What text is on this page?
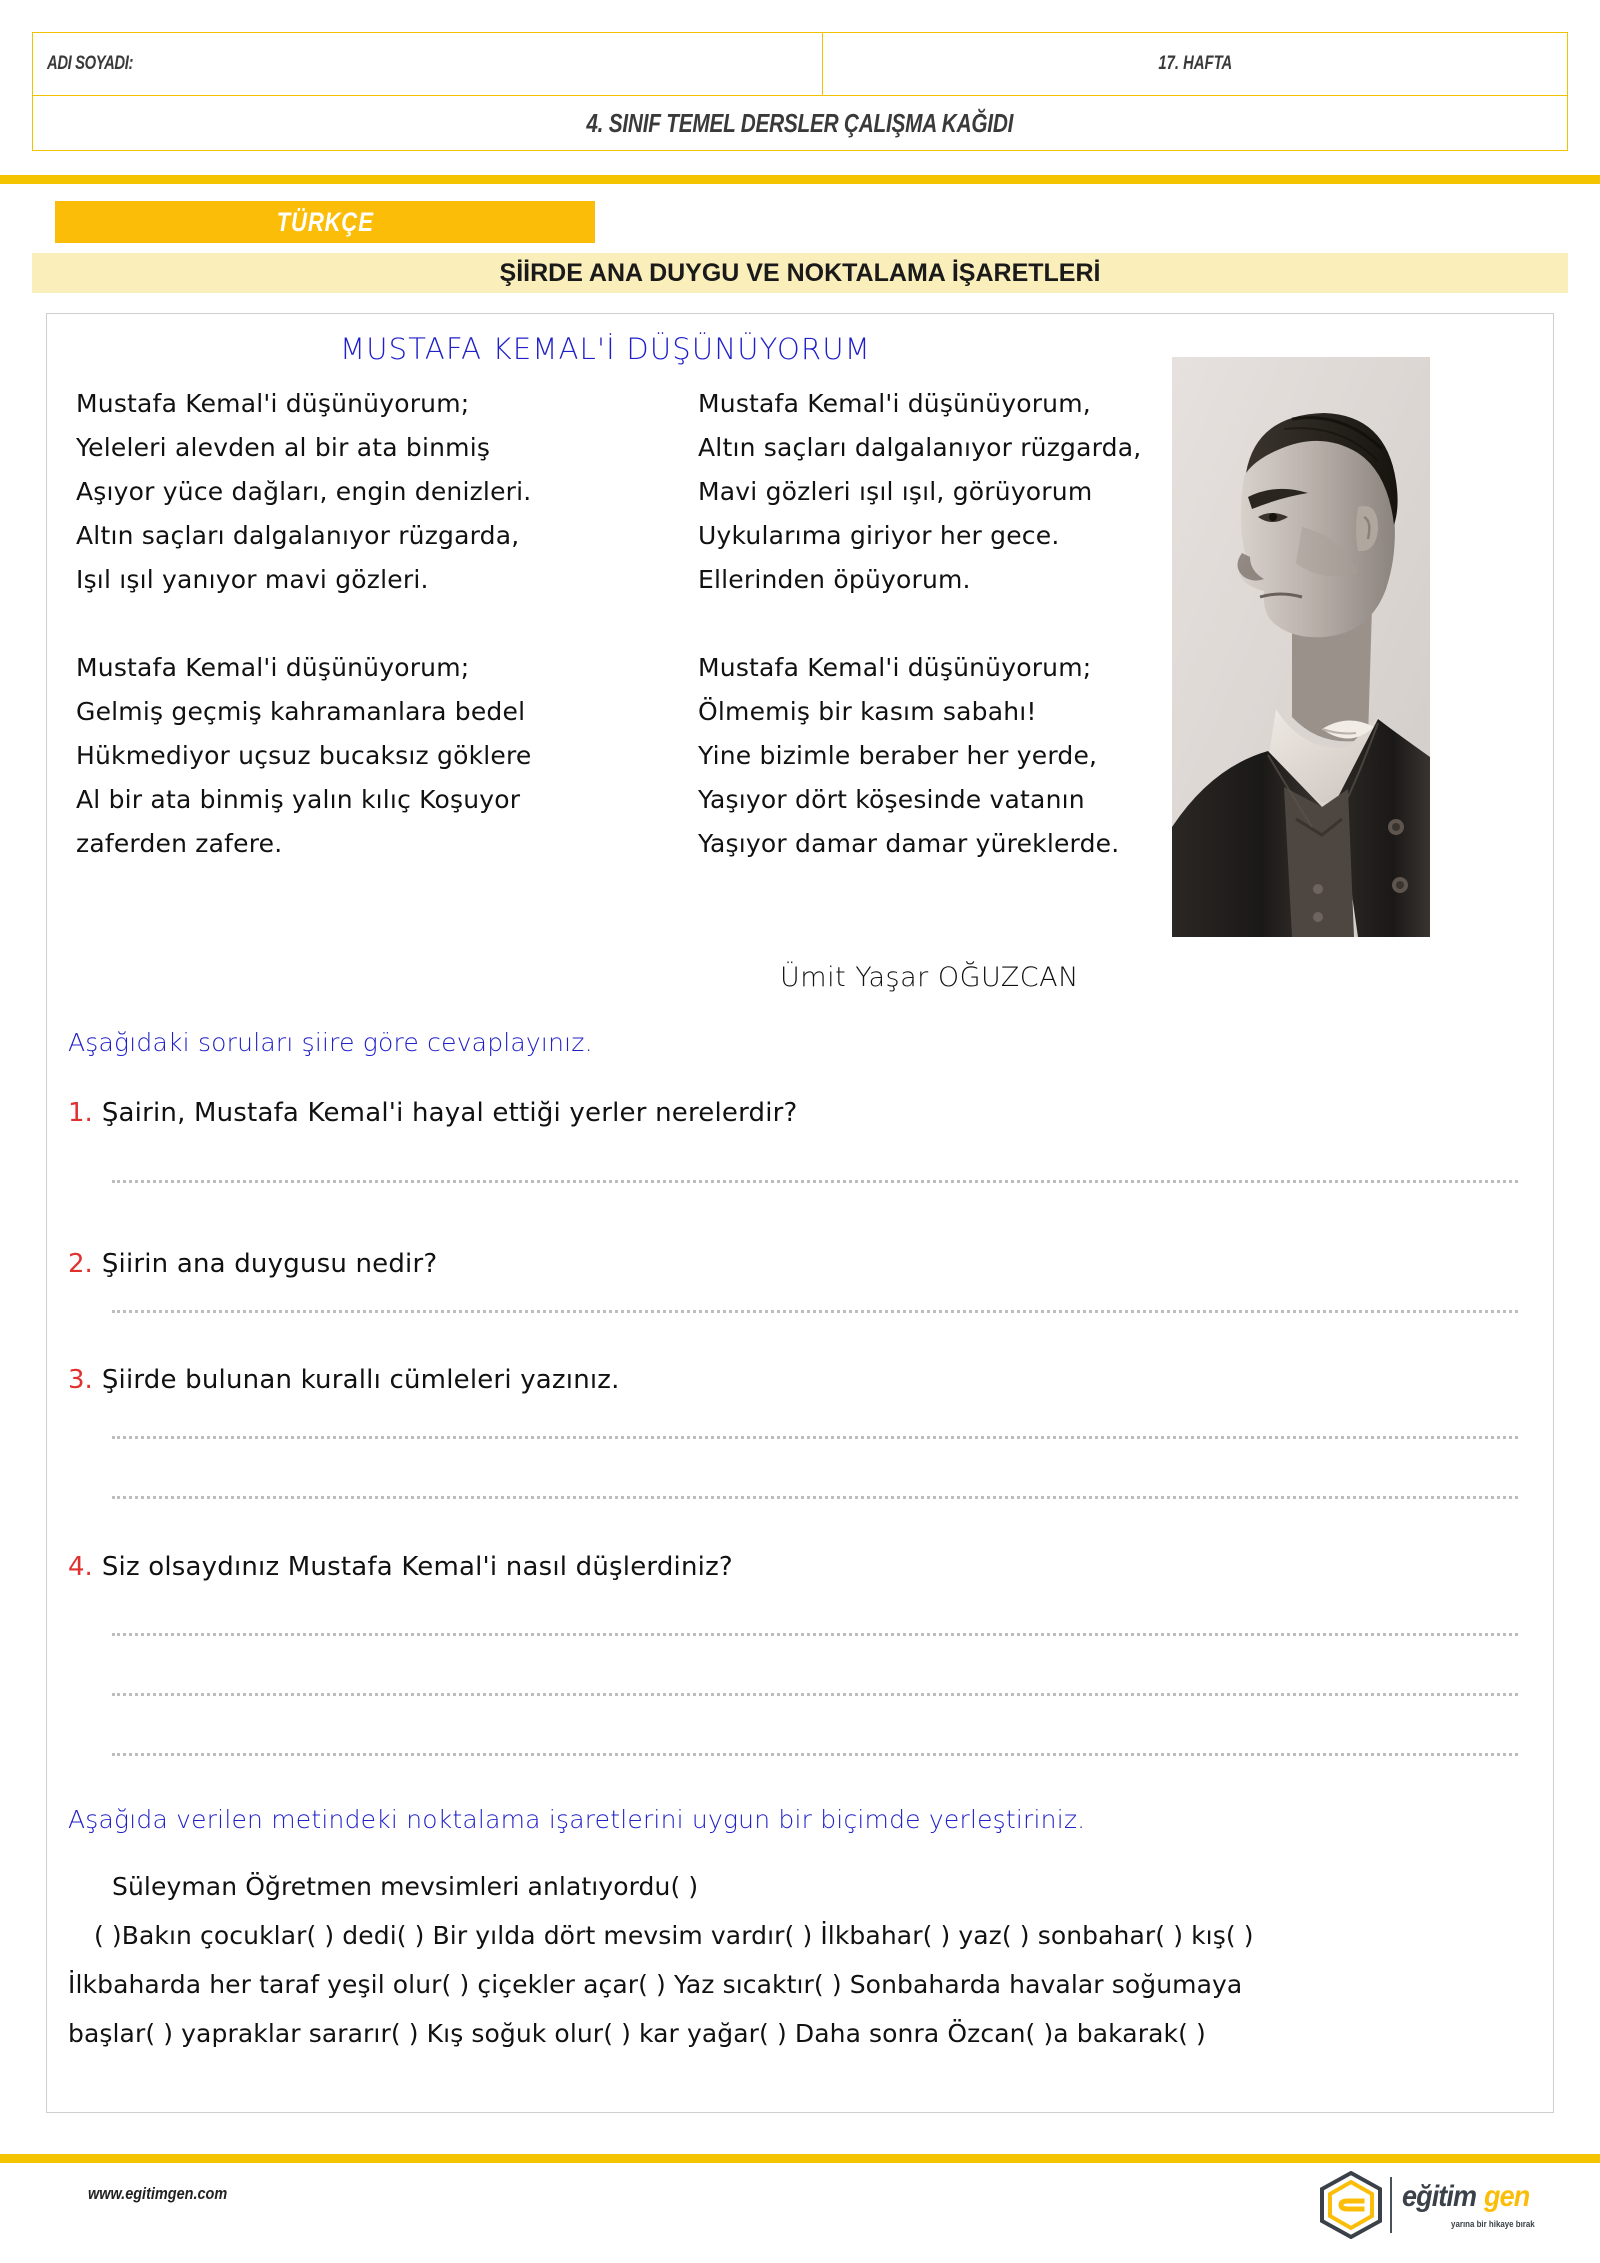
ADI SOYADI:	17. HAFTA
4. SINIF TEMEL DERSLER ÇALIŞMA KAĞIDI
TÜRKÇE
ŞİİRDE ANA DUYGU VE NOKTALAMA İŞARETLERİ
MUSTAFA KEMAL'İ DÜŞÜNÜYORUM
Mustafa Kemal'i düşünüyorum;
Yeleleri alevden al bir ata binmiş
Aşıyor yüce dağları, engin denizleri.
Altın saçları dalgalanıyor rüzgarda,
Işıl ışıl yanıyor mavi gözleri.
Mustafa Kemal'i düşünüyorum;
Gelmiş geçmiş kahramanlara bedel
Hükmediyor uçsuz bucaksız göklere
Al bir ata binmiş yalın kılıç Koşuyor
zaferden zafere.
Mustafa Kemal'i düşünüyorum,
Altın saçları dalgalanıyor rüzgarda,
Mavi gözleri ışıl ışıl, görüyorum
Uykularıma giriyor her gece.
Ellerinden öpüyorum.
Mustafa Kemal'i düşünüyorum;
Ölmemiş bir kasım sabahı!
Yine bizimle beraber her yerde,
Yaşıyor dört köşesinde vatanın
Yaşıyor damar damar yüreklerde.
Ümit Yaşar OĞUZCAN
Aşağıdaki soruları şiire göre cevaplayınız.
1. Şairin, Mustafa Kemal'i hayal ettiği yerler nerelerdir?
2. Şiirin ana duygusu nedir?
3. Şiirde bulunan kurallı cümleleri yazınız.
4. Siz olsaydınız Mustafa Kemal'i nasıl düşlerdiniz?
Aşağıda verilen metindeki noktalama işaretlerini uygun bir biçimde yerleştiriniz.
Süleyman Öğretmen mevsimleri anlatıyordu( )
( )Bakın çocuklar( ) dedi( ) Bir yılda dört mevsim vardır( ) İlkbahar( ) yaz( ) sonbahar( ) kış( )
İlkbaharda her taraf yeşil olur( ) çiçekler açar( ) Yaz sıcaktır( ) Sonbaharda havalar soğumaya
başlar( ) yapraklar sararır( ) Kış soğuk olur( ) kar yağar( ) Daha sonra Özcan( )a bakarak( )
www.egitimgen.com	eğitim gen
yarına bir hikaye bırak
